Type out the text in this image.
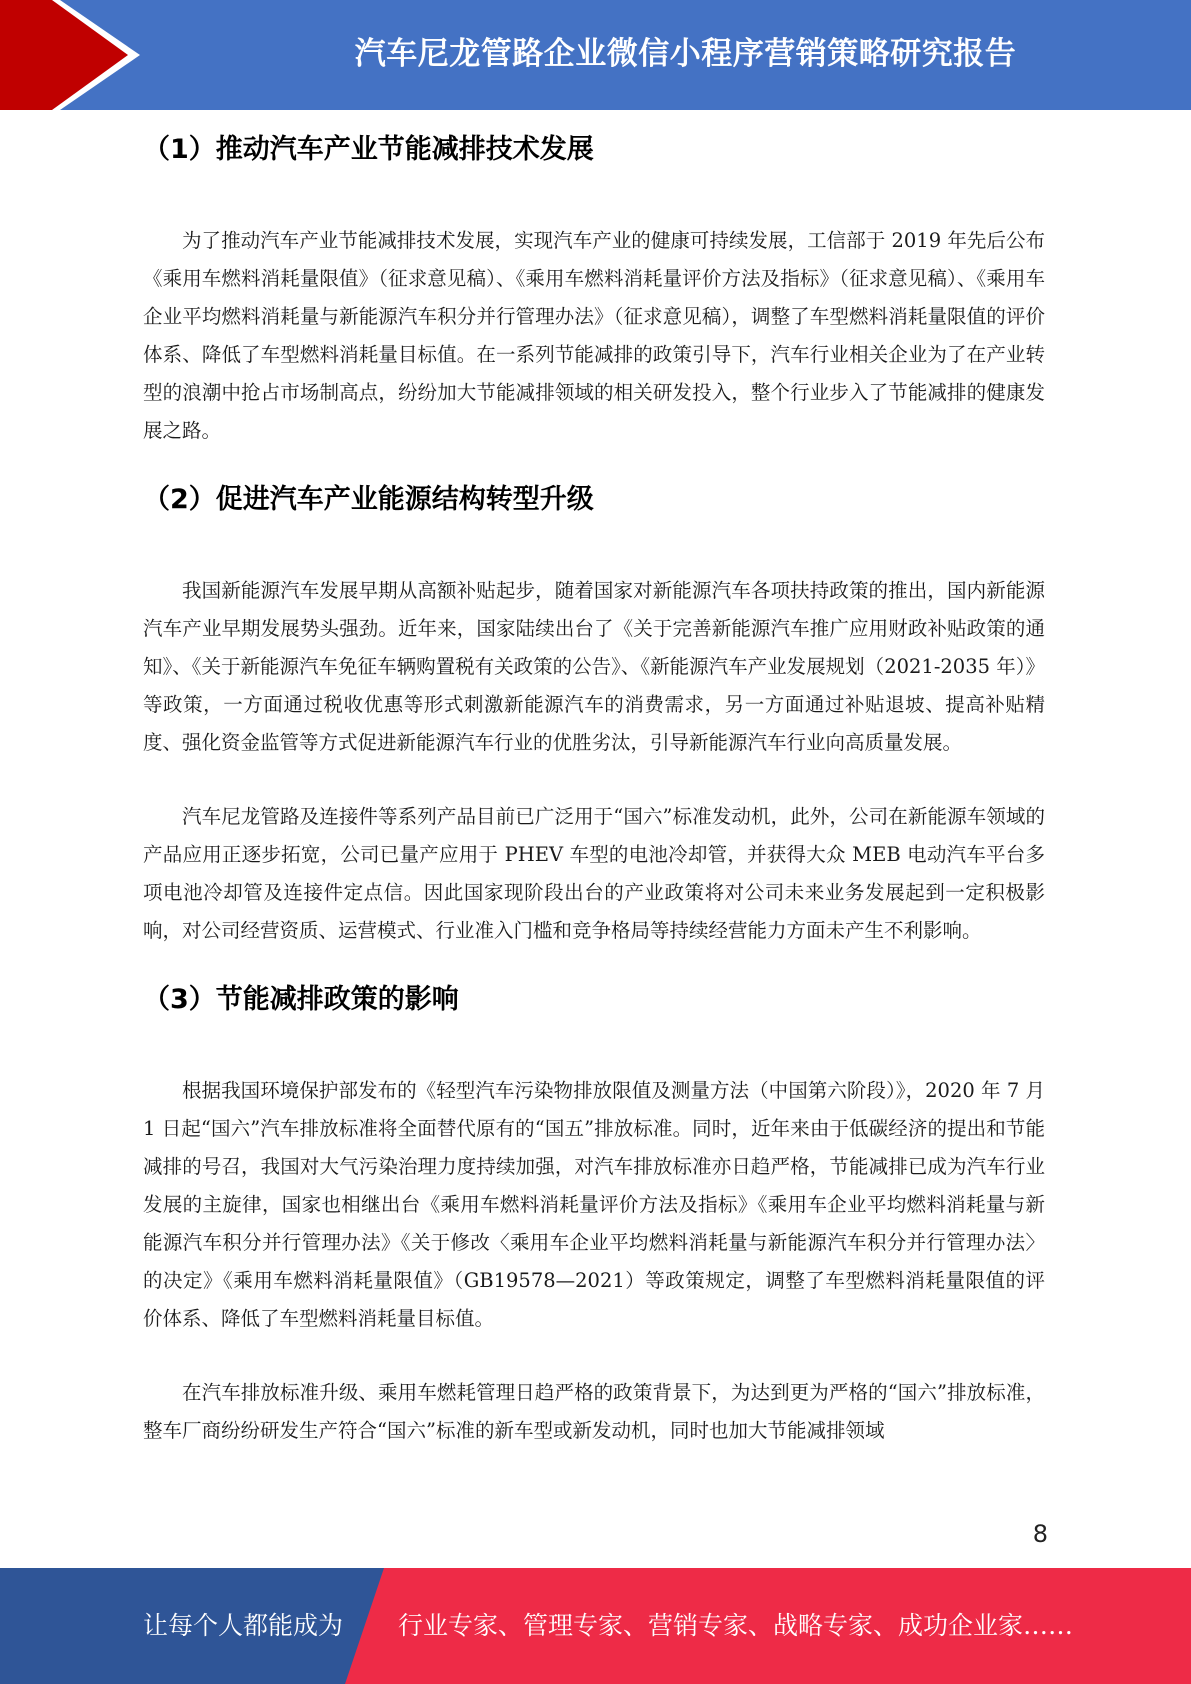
汽车尼龙管路企业微信小程序营销策略研究报告
（1）推动汽车产业节能减排技术发展

为了推动汽车产业节能减排技术发展，实现汽车产业的健康可持续发展，工信部于 2019 年先后公布《乘用车燃料消耗量限值》（征求意见稿）、《乘用车燃料消耗量评价方法及指标》（征求意见稿）、《乘用车企业平均燃料消耗量与新能源汽车积分并行管理办法》（征求意见稿），调整了车型燃料消耗量限值的评价体系、降低了车型燃料消耗量目标值。在一系列节能减排的政策引导下，汽车行业相关企业为了在产业转型的浪潮中抢占市场制高点，纷纷加大节能减排领域的相关研发投入，整个行业步入了节能减排的健康发展之路。

（2）促进汽车产业能源结构转型升级

我国新能源汽车发展早期从高额补贴起步，随着国家对新能源汽车各项扶持政策的推出，国内新能源汽车产业早期发展势头强劲。近年来，国家陆续出台了《关于完善新能源汽车推广应用财政补贴政策的通知》、《关于新能源汽车免征车辆购置税有关政策的公告》、《新能源汽车产业发展规划（2021-2035 年）》等政策，一方面通过税收优惠等形式刺激新能源汽车的消费需求，另一方面通过补贴退坡、提高补贴精度、强化资金监管等方式促进新能源汽车行业的优胜劣汰，引导新能源汽车行业向高质量发展。

汽车尼龙管路及连接件等系列产品目前已广泛用于“国六”标准发动机，此外，公司在新能源车领域的产品应用正逐步拓宽，公司已量产应用于 PHEV 车型的电池冷却管，并获得大众 MEB 电动汽车平台多项电池冷却管及连接件定点信。因此国家现阶段出台的产业政策将对公司未来业务发展起到一定积极影响，对公司经营资质、运营模式、行业准入门槛和竞争格局等持续经营能力方面未产生不利影响。

（3）节能减排政策的影响

根据我国环境保护部发布的《轻型汽车污染物排放限值及测量方法（中国第六阶段）》，2020 年 7 月 1 日起“国六”汽车排放标准将全面替代原有的“国五”排放标准。同时，近年来由于低碳经济的提出和节能减排的号召，我国对大气污染治理力度持续加强，对汽车排放标准亦日趋严格，节能减排已成为汽车行业发展的主旋律，国家也相继出台《乘用车燃料消耗量评价方法及指标》《乘用车企业平均燃料消耗量与新能源汽车积分并行管理办法》《关于修改〈乘用车企业平均燃料消耗量与新能源汽车积分并行管理办法〉的决定》《乘用车燃料消耗量限值》（GB19578—2021）等政策规定，调整了车型燃料消耗量限值的评价体系、降低了车型燃料消耗量目标值。

在汽车排放标准升级、乘用车燃耗管理日趋严格的政策背景下，为达到更为严格的“国六”排放标准，整车厂商纷纷研发生产符合“国六”标准的新车型或新发动机，同时也加大节能减排领域

8
让每个人都能成为 行业专家、管理专家、营销专家、战略专家、成功企业家……
